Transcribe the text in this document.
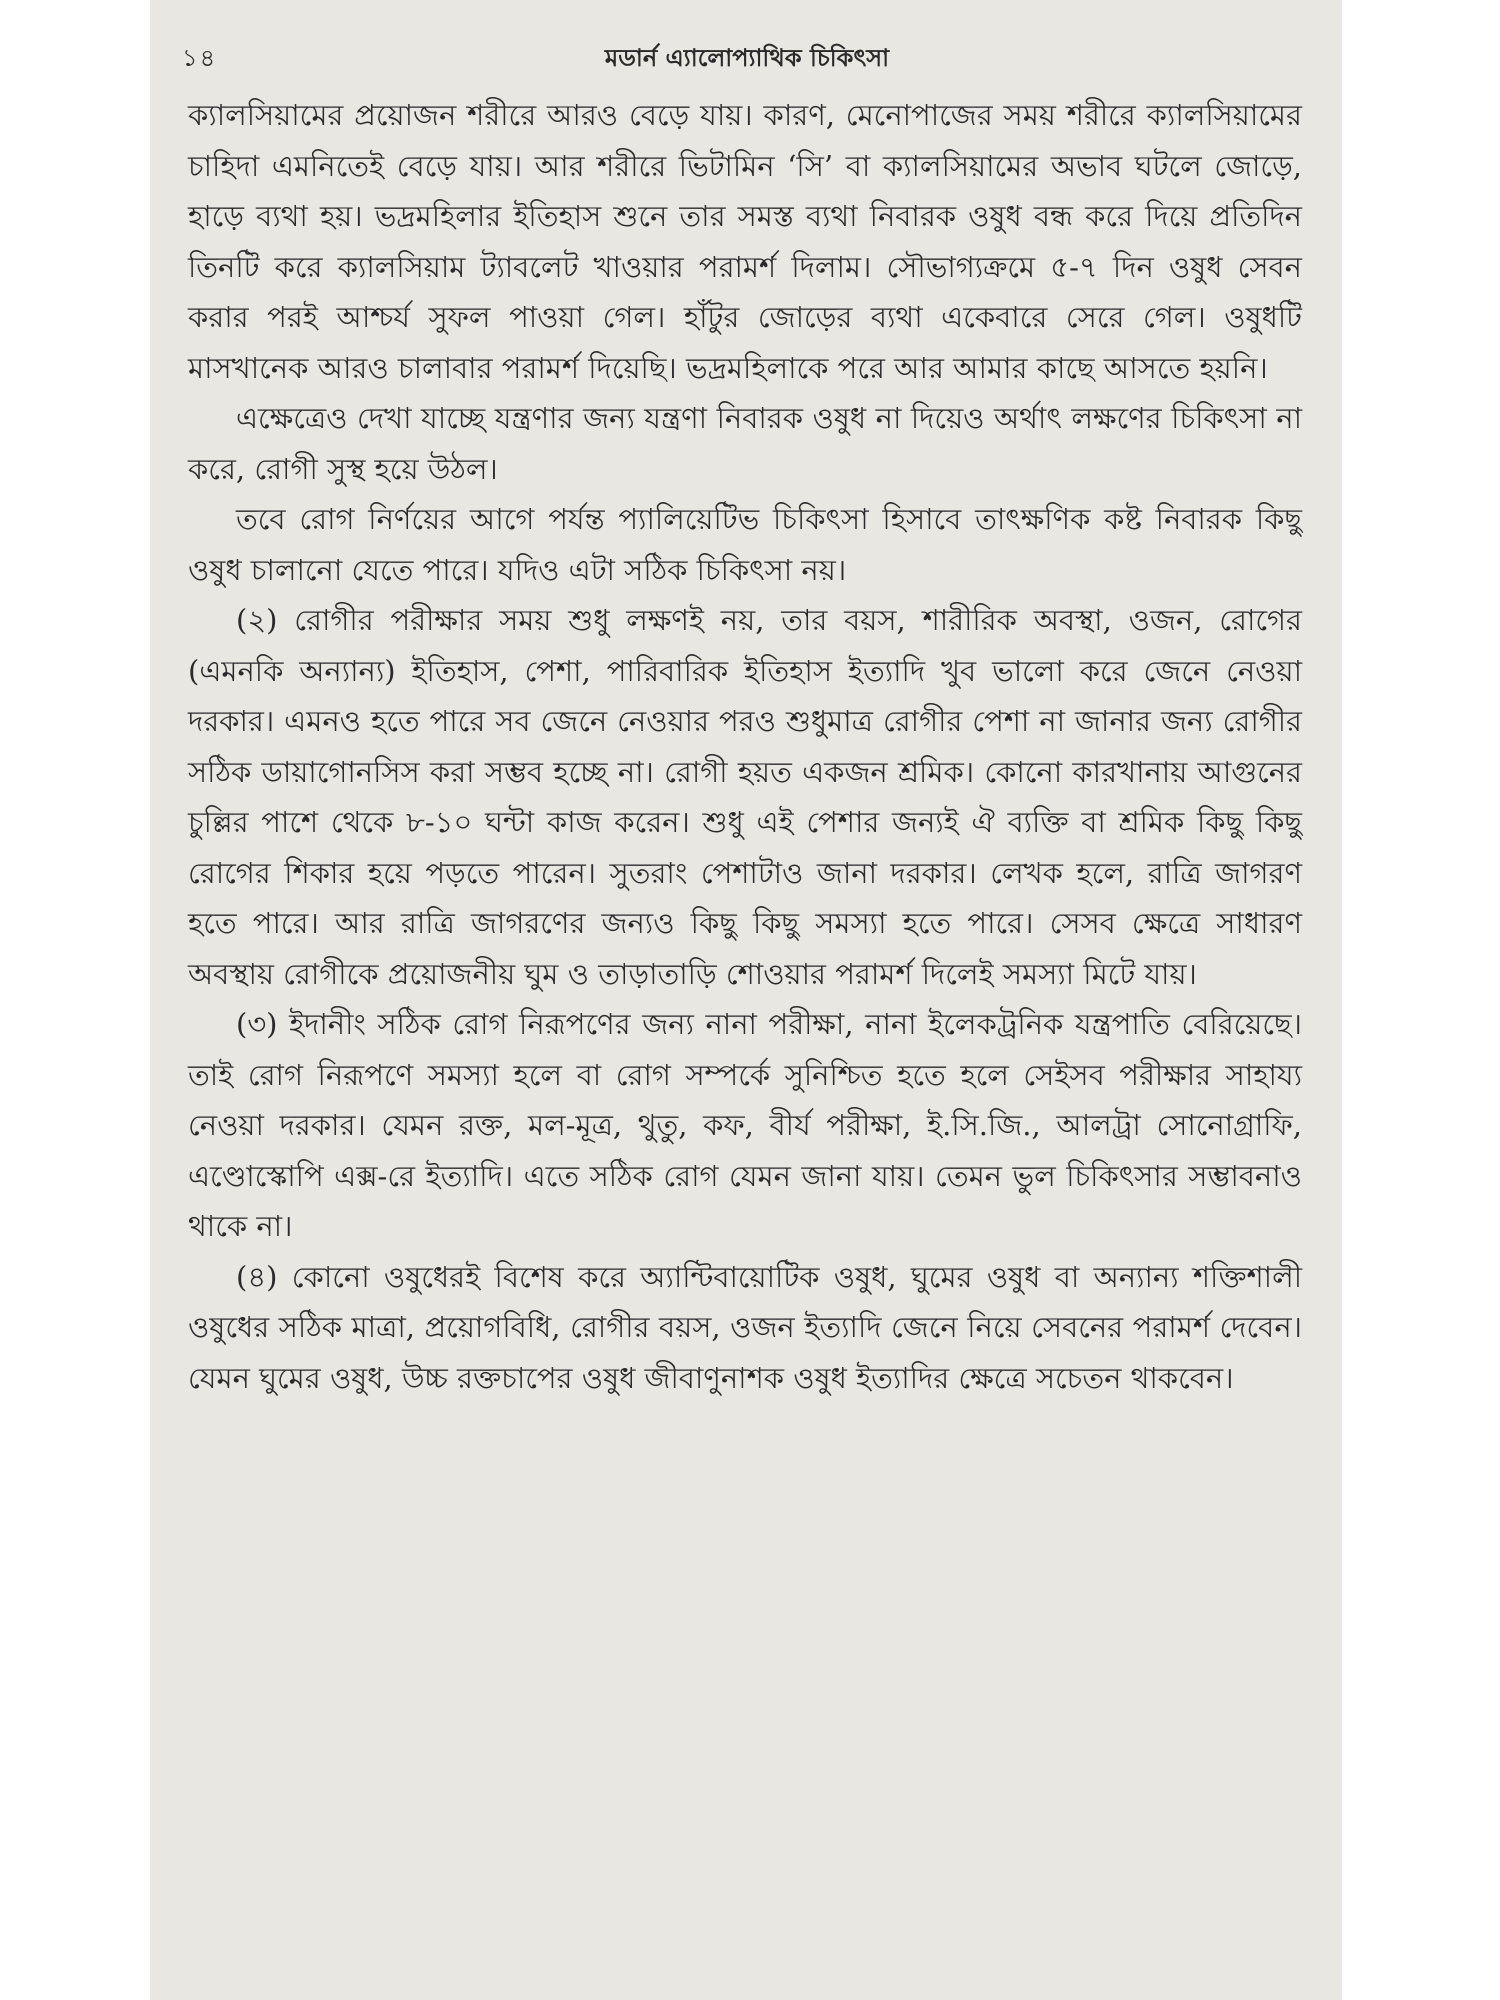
১৪	মডার্ন এ্যালোপ্যাথিক চিকিৎসা

ক্যালসিয়ামের প্রয়োজন শরীরে আরও বেড়ে যায়। কারণ, মেনোপাজের সময় শরীরে ক্যালসিয়ামের চাহিদা এমনিতেই বেড়ে যায়। আর শরীরে ভিটামিন ‘সি’ বা ক্যালসিয়ামের অভাব ঘটলে জোড়ে, হাড়ে ব্যথা হয়। ভদ্রমহিলার ইতিহাস শুনে তার সমস্ত ব্যথা নিবারক ওষুধ বন্ধ করে দিয়ে প্রতিদিন তিনটি করে ক্যালসিয়াম ট্যাবলেট খাওয়ার পরামর্শ দিলাম। সৌভাগ্যক্রমে ৫-৭ দিন ওষুধ সেবন করার পরই আশ্চর্য সুফল পাওয়া গেল। হাঁটুর জোড়ের ব্যথা একেবারে সেরে গেল। ওষুধটি মাসখানেক আরও চালাবার পরামর্শ দিয়েছি। ভদ্রমহিলাকে পরে আর আমার কাছে আসতে হয়নি।

এক্ষেত্রেও দেখা যাচ্ছে যন্ত্রণার জন্য যন্ত্রণা নিবারক ওষুধ না দিয়েও অর্থাৎ লক্ষণের চিকিৎসা না করে, রোগী সুস্থ হয়ে উঠল।

তবে রোগ নির্ণয়ের আগে পর্যন্ত প্যালিয়েটিভ চিকিৎসা হিসাবে তাৎক্ষণিক কষ্ট নিবারক কিছু ওষুধ চালানো যেতে পারে। যদিও এটা সঠিক চিকিৎসা নয়।

(২) রোগীর পরীক্ষার সময় শুধু লক্ষণই নয়, তার বয়স, শারীরিক অবস্থা, ওজন, রোগের (এমনকি অন্যান্য) ইতিহাস, পেশা, পারিবারিক ইতিহাস ইত্যাদি খুব ভালো করে জেনে নেওয়া দরকার। এমনও হতে পারে সব জেনে নেওয়ার পরও শুধুমাত্র রোগীর পেশা না জানার জন্য রোগীর সঠিক ডায়াগোনসিস করা সম্ভব হচ্ছে না। রোগী হয়ত একজন শ্রমিক। কোনো কারখানায় আগুনের চুল্লির পাশে থেকে ৮-১০ ঘন্টা কাজ করেন। শুধু এই পেশার জন্যই ঐ ব্যক্তি বা শ্রমিক কিছু কিছু রোগের শিকার হয়ে পড়তে পারেন। সুতরাং পেশাটাও জানা দরকার। লেখক হলে, রাত্রি জাগরণ হতে পারে। আর রাত্রি জাগরণের জন্যও কিছু কিছু সমস্যা হতে পারে। সেসব ক্ষেত্রে সাধারণ অবস্থায় রোগীকে প্রয়োজনীয় ঘুম ও তাড়াতাড়ি শোওয়ার পরামর্শ দিলেই সমস্যা মিটে যায়।

(৩) ইদানীং সঠিক রোগ নিরূপণের জন্য নানা পরীক্ষা, নানা ইলেকট্রনিক যন্ত্রপাতি বেরিয়েছে। তাই রোগ নিরূপণে সমস্যা হলে বা রোগ সম্পর্কে সুনিশ্চিত হতে হলে সেইসব পরীক্ষার সাহায্য নেওয়া দরকার। যেমন রক্ত, মল-মূত্র, থুতু, কফ, বীর্য পরীক্ষা, ই.সি.জি., আলট্রা সোনোগ্রাফি, এণ্ডোস্কোপি এক্স-রে ইত্যাদি। এতে সঠিক রোগ যেমন জানা যায়। তেমন ভুল চিকিৎসার সম্ভাবনাও থাকে না।

(৪) কোনো ওষুধেরই বিশেষ করে অ্যান্টিবায়োটিক ওষুধ, ঘুমের ওষুধ বা অন্যান্য শক্তিশালী ওষুধের সঠিক মাত্রা, প্রয়োগবিধি, রোগীর বয়স, ওজন ইত্যাদি জেনে নিয়ে সেবনের পরামর্শ দেবেন। যেমন ঘুমের ওষুধ, উচ্চ রক্তচাপের ওষুধ জীবাণুনাশক ওষুধ ইত্যাদির ক্ষেত্রে সচেতন থাকবেন।
